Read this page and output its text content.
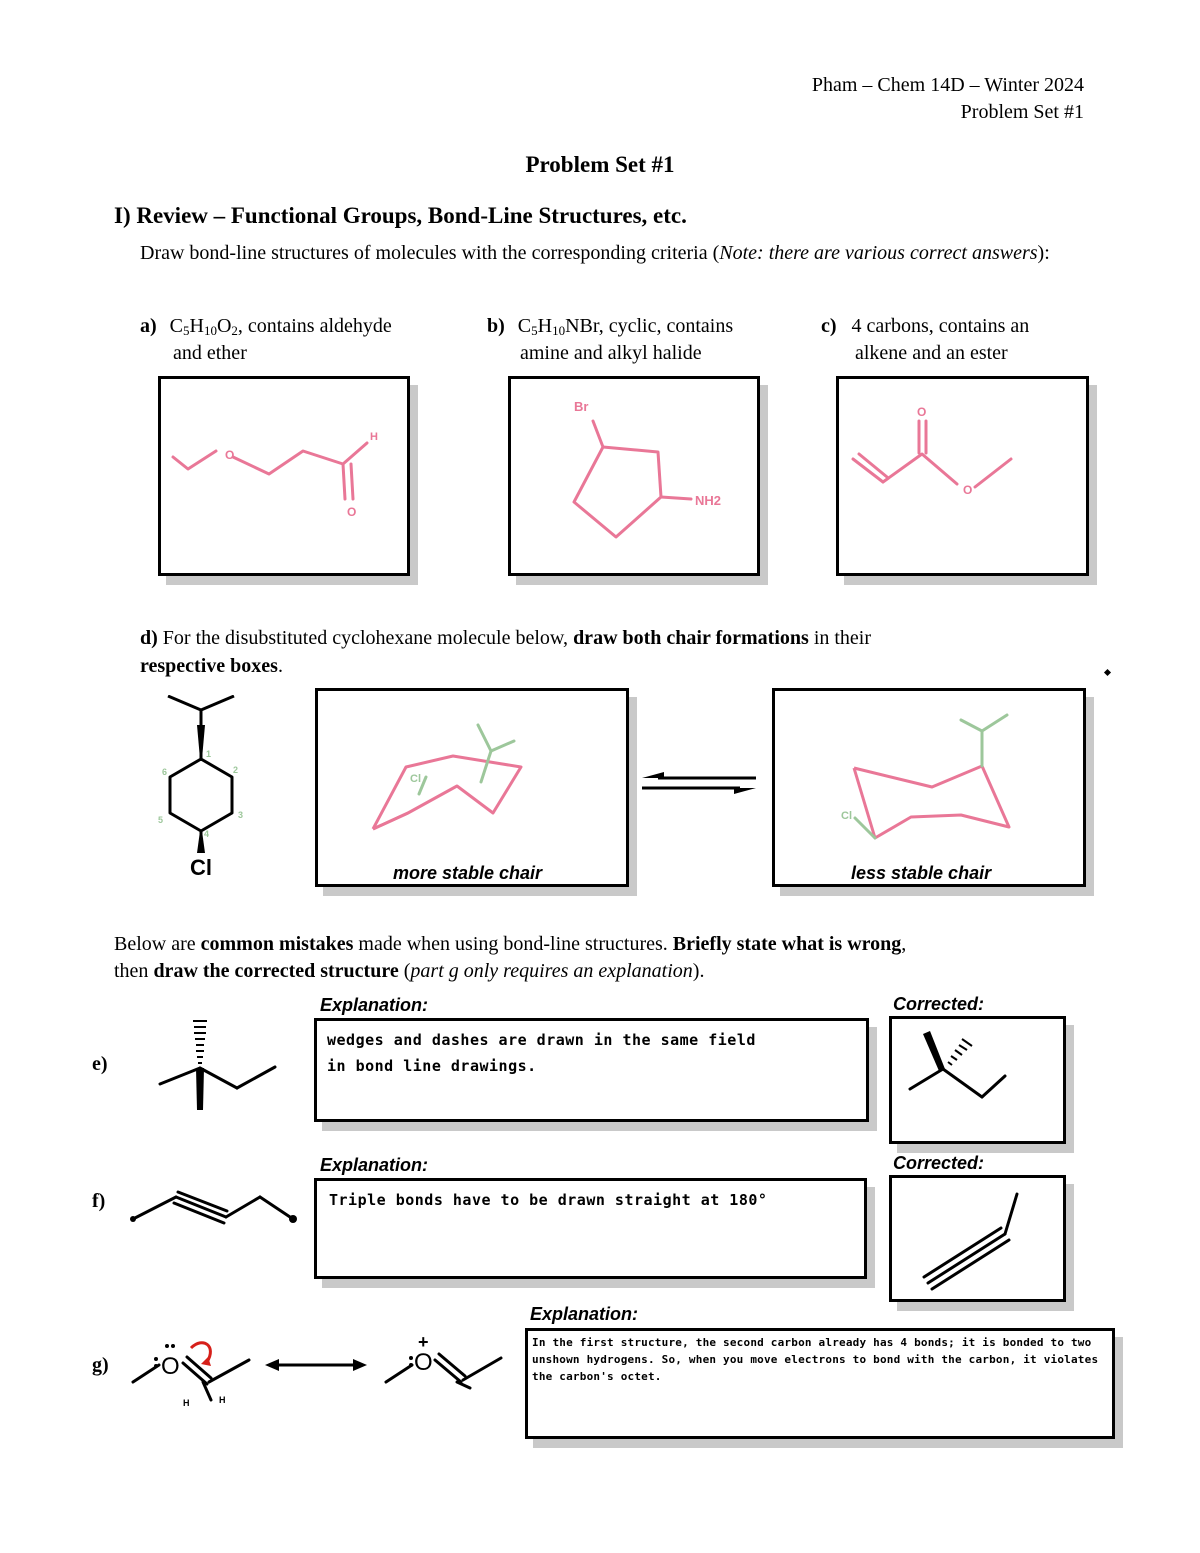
Pham – Chem 14D – Winter 2024
Problem Set #1
Problem Set #1
I) Review – Functional Groups, Bond-Line Structures, etc.
Draw bond-line structures of molecules with the corresponding criteria (Note: there are various correct answers):
a) $C_5H_{10}O_2$, contains aldehyde
and ether
b) $C_5H_{10}NBr$, cyclic, contains
amine and alkyl halide
c) 4 carbons, contains an
alkene and an ester
O
H
O
Br
NH2
O
O
d) For the disubstituted cyclohexane molecule below, draw both chair formations in their
respective boxes.
Cl
1
2
3
4
5
6
Cl
more stable chair
Cl
less stable chair
Below are common mistakes made when using bond-line structures. Briefly state what is wrong,
then draw the corrected structure (part g only requires an explanation).
e)
Explanation:
wedges and dashes are drawn in the same field
in bond line drawings.
Corrected:
f)
Explanation:
Triple bonds have to be drawn straight at 180°
Corrected:
g) O	O
+
H	H
Explanation:
In the first structure, the second carbon already has 4 bonds; it is bonded to two unshown hydrogens. So, when you move electrons to bond with the carbon, it violates the carbon's octet.
